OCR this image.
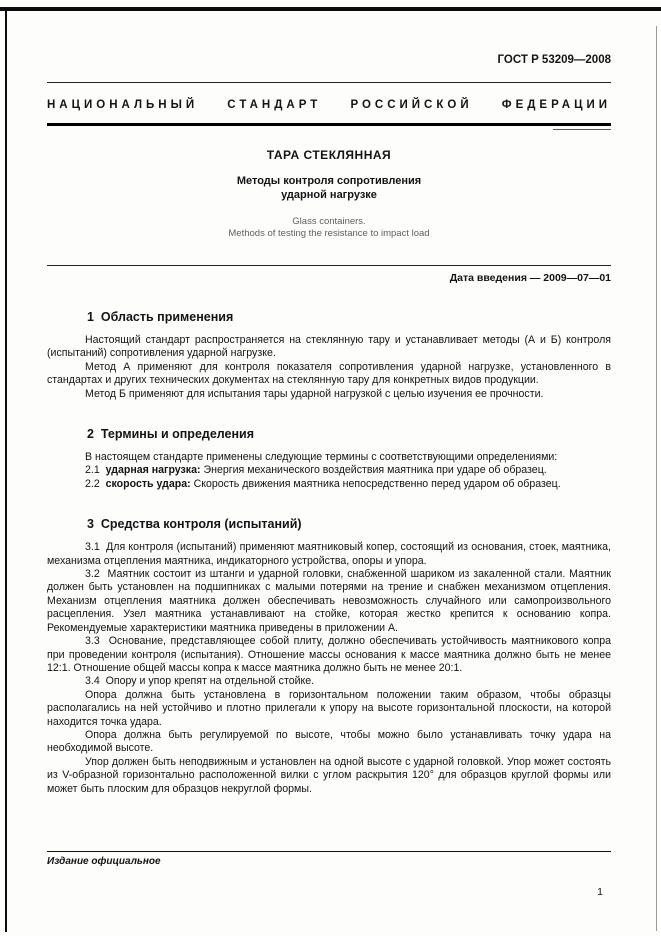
ГОСТ Р 53209—2008
НАЦИОНАЛЬНЫЙ СТАНДАРТ РОССИЙСКОЙ ФЕДЕРАЦИИ
ТАРА СТЕКЛЯННАЯ
Методы контроля сопротивления
ударной нагрузке
Glass containers.
Methods of testing the resistance to impact load
Дата введения — 2009—07—01
1  Область применения

Настоящий стандарт распространяется на стеклянную тару и устанавливает методы (А и Б) контроля (испытаний) сопротивления ударной нагрузке.

Метод А применяют для контроля показателя сопротивления ударной нагрузке, установленного в стандартах и других технических документах на стеклянную тару для конкретных видов продукции.

Метод Б применяют для испытания тары ударной нагрузкой с целью изучения ее прочности.

2  Термины и определения

В настоящем стандарте применены следующие термины с соответствующими определениями:

2.1 ударная нагрузка: Энергия механического воздействия маятника при ударе об образец.

2.2 скорость удара: Скорость движения маятника непосредственно перед ударом об образец.

3  Средства контроля (испытаний)

3.1  Для контроля (испытаний) применяют маятниковый копер, состоящий из основания, стоек, маятника, механизма отцепления маятника, индикаторного устройства, опоры и упора.

3.2  Маятник состоит из штанги и ударной головки, снабженной шариком из закаленной стали. Маятник должен быть установлен на подшипниках с малыми потерями на трение и снабжен механизмом отцепления. Механизм отцепления маятника должен обеспечивать невозможность случайного или самопроизвольного расцепления. Узел маятника устанавливают на стойке, которая жестко крепится к основанию копра. Рекомендуемые характеристики маятника приведены в приложении А.

3.3  Основание, представляющее собой плиту, должно обеспечивать устойчивость маятникового копра при проведении контроля (испытания). Отношение массы основания к массе маятника должно быть не менее 12:1. Отношение общей массы копра к массе маятника должно быть не менее 20:1.

3.4  Опору и упор крепят на отдельной стойке.

Опора должна быть установлена в горизонтальном положении таким образом, чтобы образцы располагались на ней устойчиво и плотно прилегали к упору на высоте горизонтальной плоскости, на которой находится точка удара.

Опора должна быть регулируемой по высоте, чтобы можно было устанавливать точку удара на необходимой высоте.

Упор должен быть неподвижным и установлен на одной высоте с ударной головкой. Упор может состоять из V-образной горизонтально расположенной вилки с углом раскрытия 120° для образцов круглой формы или может быть плоским для образцов некруглой формы.

Издание официальное
1
